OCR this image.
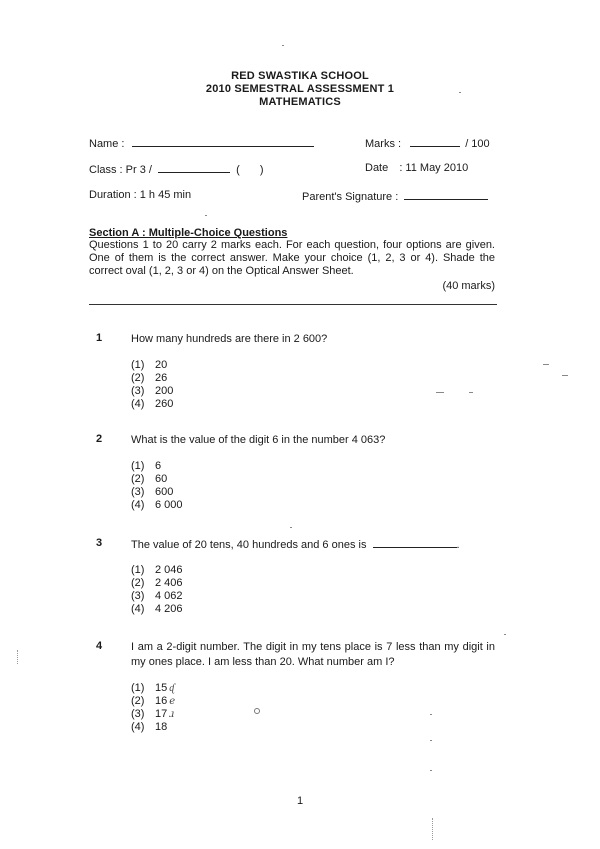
RED SWASTIKA SCHOOL
2010 SEMESTRAL ASSESSMENT 1
MATHEMATICS
Name :	Marks :	/ 100
Class : Pr 3 /	( )	Date : 11 May 2010
Duration : 1 h 45 min	Parent's Signature :
Section A : Multiple-Choice Questions
Questions 1 to 20 carry 2 marks each. For each question, four options are given. One of them is the correct answer. Make your choice (1, 2, 3 or 4). Shade the correct oval (1, 2, 3 or 4) on the Optical Answer Sheet.
(40 marks)
1	How many hundreds are there in 2 600?
(1) 20
(2) 26
(3) 200
(4) 260
2	What is the value of the digit 6 in the number 4 063?
(1) 6
(2) 60
(3) 600
(4) 6 000
3	The value of 20 tens, 40 hundreds and 6 ones is	.
(1) 2 046
(2) 2 406
(3) 4 062
(4) 4 206
4	I am a 2-digit number. The digit in my tens place is 7 less than my digit in my ones place. I am less than 20. What number am I?
(1) 15 ᶑ
(2) 16 e
(3) 17 ɹ
(4) 18
1
